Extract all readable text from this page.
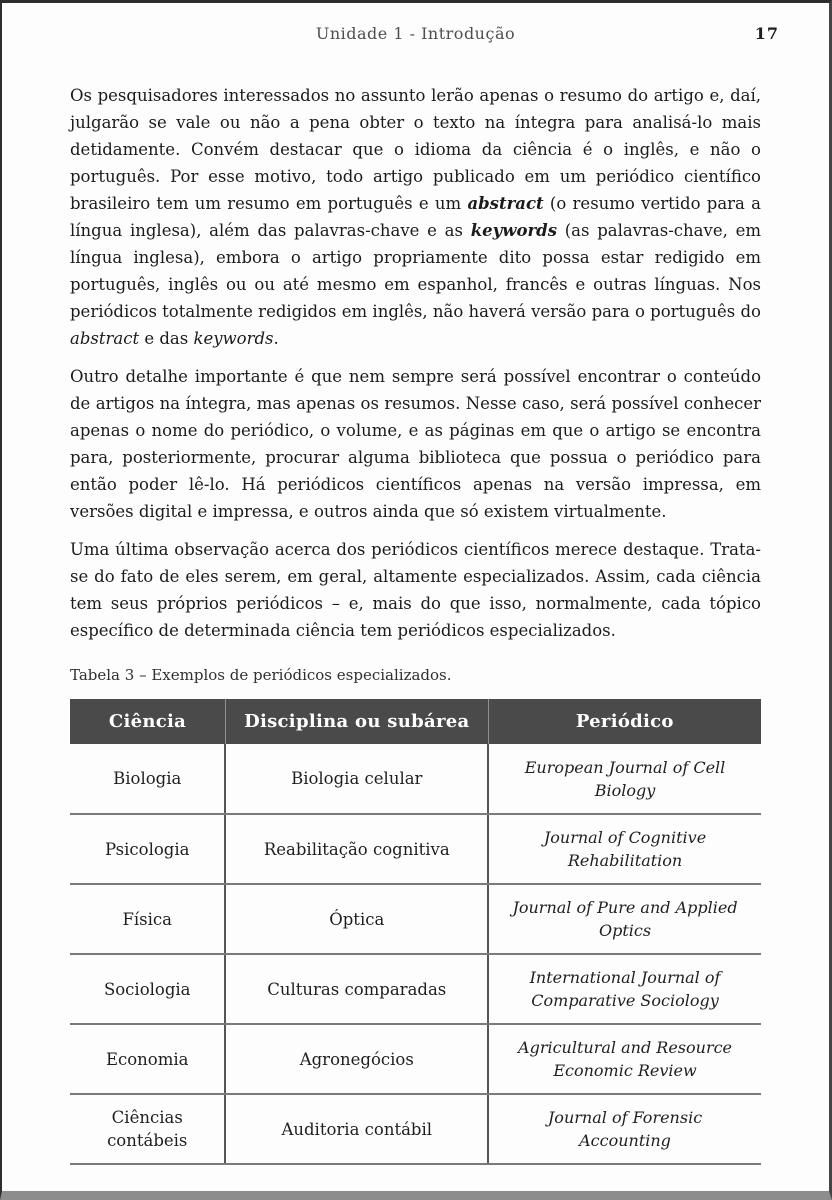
Unidade 1 - Introdução	17

Os pesquisadores interessados no assunto lerão apenas o resumo do artigo e, daí, julgarão se vale ou não a pena obter o texto na íntegra para analisá-lo mais detidamente. Convém destacar que o idioma da ciência é o inglês, e não o português. Por esse motivo, todo artigo publicado em um periódico científico brasileiro tem um resumo em português e um abstract (o resumo vertido para a língua inglesa), além das palavras-chave e as keywords (as palavras-chave, em língua inglesa), embora o artigo propriamente dito possa estar redigido em português, inglês ou ou até mesmo em espanhol, francês e outras línguas. Nos periódicos totalmente redigidos em inglês, não haverá versão para o português do abstract e das keywords.

Outro detalhe importante é que nem sempre será possível encontrar o conteúdo de artigos na íntegra, mas apenas os resumos. Nesse caso, será possível conhecer apenas o nome do periódico, o volume, e as páginas em que o artigo se encontra para, posteriormente, procurar alguma biblioteca que possua o periódico para então poder lê-lo. Há periódicos científicos apenas na versão impressa, em versões digital e impressa, e outros ainda que só existem virtualmente.

Uma última observação acerca dos periódicos científicos merece destaque. Trata-se do fato de eles serem, em geral, altamente especializados. Assim, cada ciência tem seus próprios periódicos – e, mais do que isso, normalmente, cada tópico específico de determinada ciência tem periódicos especializados.

Tabela 3 – Exemplos de periódicos especializados.
Ciência	Disciplina ou subárea	Periódico
Biologia	Biologia celular	European Journal of Cell Biology
Psicologia	Reabilitação cognitiva	Journal of Cognitive Rehabilitation
Física	Óptica	Journal of Pure and Applied Optics
Sociologia	Culturas comparadas	International Journal of Comparative Sociology
Economia	Agronegócios	Agricultural and Resource Economic Review
Ciências contábeis	Auditoria contábil	Journal of Forensic Accounting
